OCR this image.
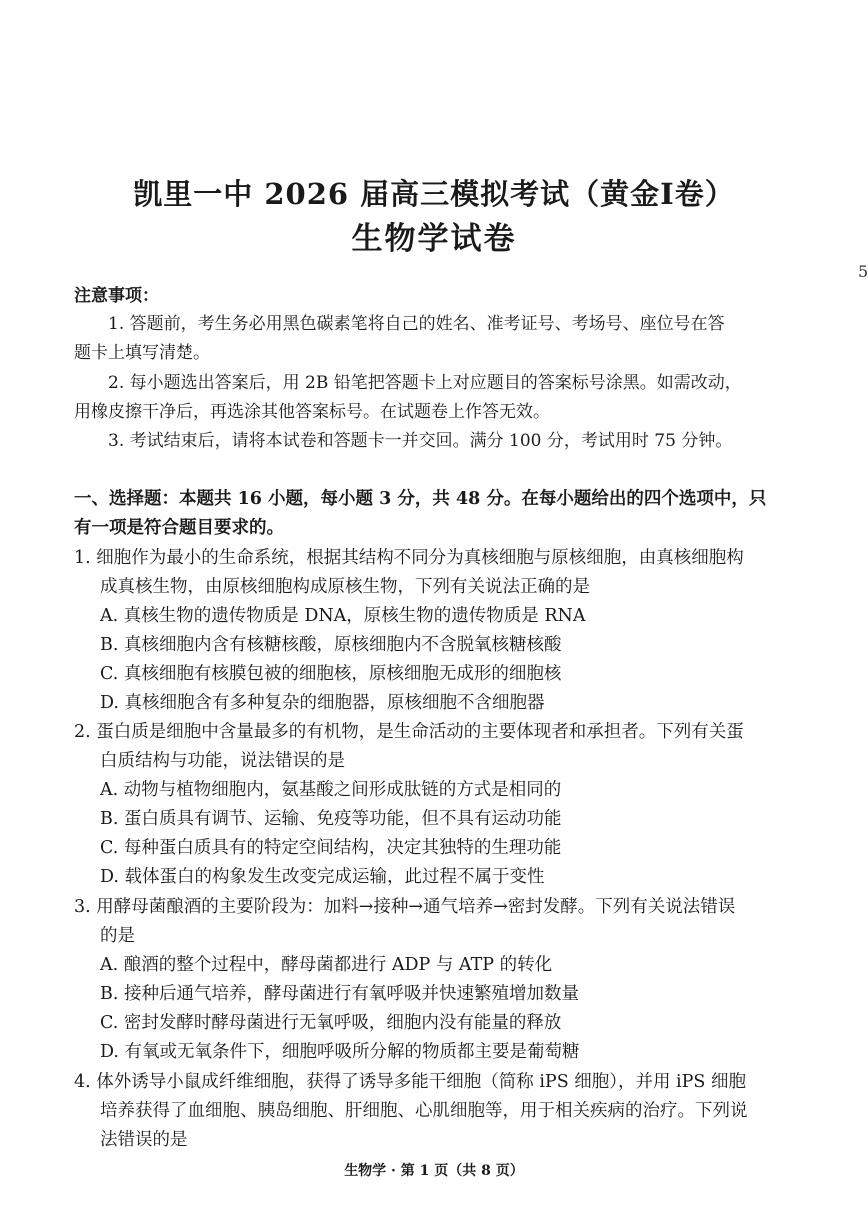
凯里一中 2026 届高三模拟考试（黄金Ⅰ卷）
生物学试卷
5
注意事项：
1. 答题前，考生务必用黑色碳素笔将自己的姓名、准考证号、考场号、座位号在答
题卡上填写清楚。
2. 每小题选出答案后，用 2B 铅笔把答题卡上对应题目的答案标号涂黑。如需改动，
用橡皮擦干净后，再选涂其他答案标号。在试题卷上作答无效。
3. 考试结束后，请将本试卷和答题卡一并交回。满分 100 分，考试用时 75 分钟。
一、选择题：本题共 16 小题，每小题 3 分，共 48 分。在每小题给出的四个选项中，只
有一项是符合题目要求的。
1. 细胞作为最小的生命系统，根据其结构不同分为真核细胞与原核细胞，由真核细胞构
成真核生物，由原核细胞构成原核生物，下列有关说法正确的是
A. 真核生物的遗传物质是 DNA，原核生物的遗传物质是 RNA
B. 真核细胞内含有核糖核酸，原核细胞内不含脱氧核糖核酸
C. 真核细胞有核膜包被的细胞核，原核细胞无成形的细胞核
D. 真核细胞含有多种复杂的细胞器，原核细胞不含细胞器
2. 蛋白质是细胞中含量最多的有机物，是生命活动的主要体现者和承担者。下列有关蛋
白质结构与功能，说法错误的是
A. 动物与植物细胞内，氨基酸之间形成肽链的方式是相同的
B. 蛋白质具有调节、运输、免疫等功能，但不具有运动功能
C. 每种蛋白质具有的特定空间结构，决定其独特的生理功能
D. 载体蛋白的构象发生改变完成运输，此过程不属于变性
3. 用酵母菌酿酒的主要阶段为：加料→接种→通气培养→密封发酵。下列有关说法错误
的是
A. 酿酒的整个过程中，酵母菌都进行 ADP 与 ATP 的转化
B. 接种后通气培养，酵母菌进行有氧呼吸并快速繁殖增加数量
C. 密封发酵时酵母菌进行无氧呼吸，细胞内没有能量的释放
D. 有氧或无氧条件下，细胞呼吸所分解的物质都主要是葡萄糖
4. 体外诱导小鼠成纤维细胞，获得了诱导多能干细胞（简称 iPS 细胞），并用 iPS 细胞
培养获得了血细胞、胰岛细胞、肝细胞、心肌细胞等，用于相关疾病的治疗。下列说
法错误的是
生物学 · 第 1 页（共 8 页）
